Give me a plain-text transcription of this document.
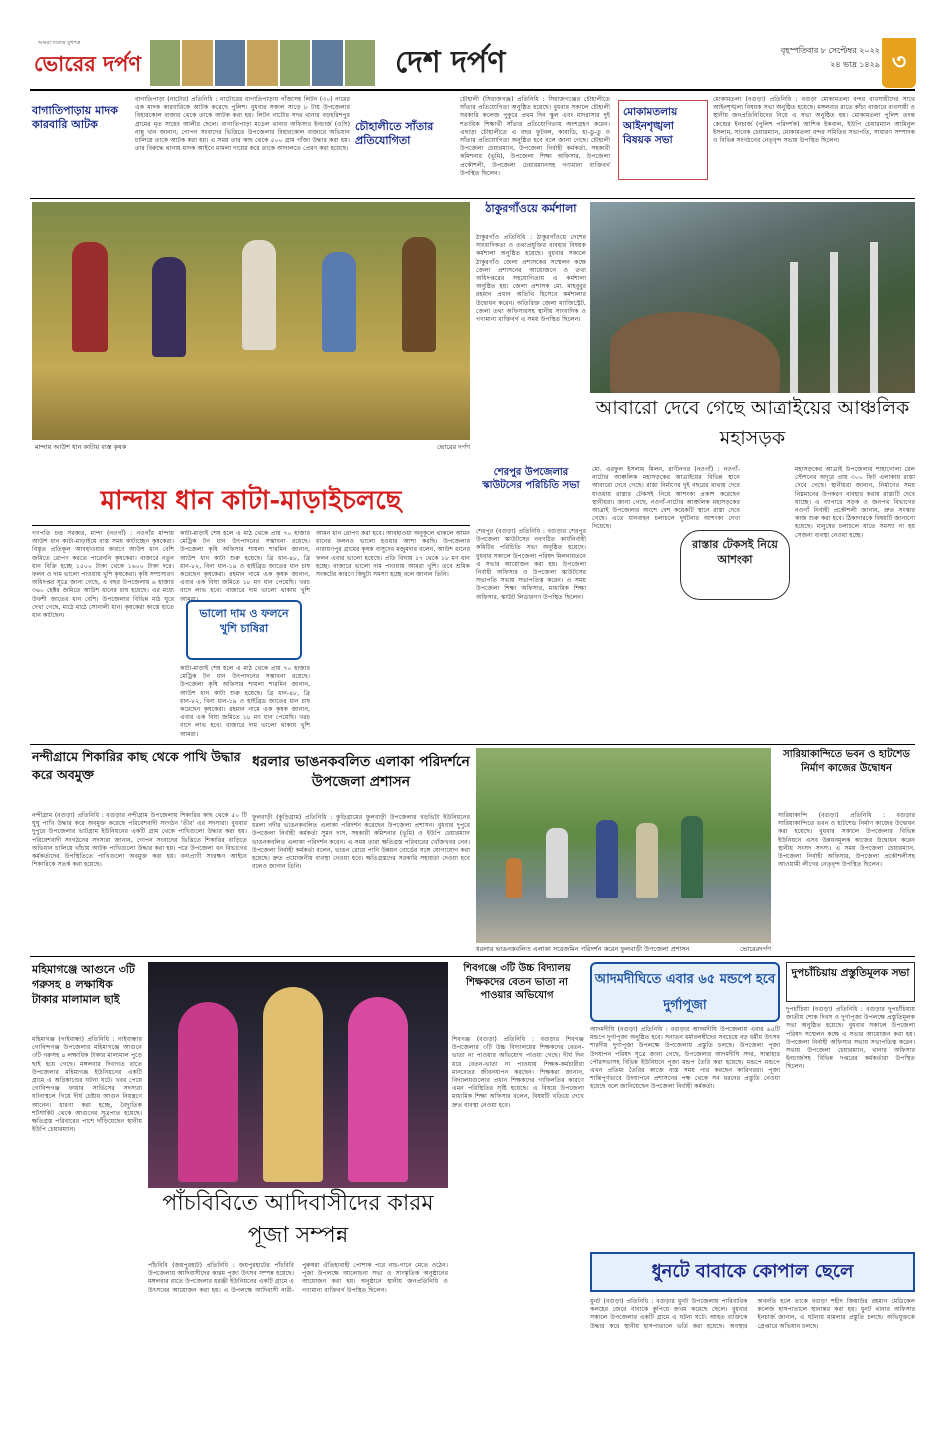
আমরা সত্যের মুখপত্র
ভোরের দর্পণ	দেশ দর্পণ	বৃহস্পতিবার ৮ সেপ্টেম্বর ২০২২
২৪ ভাদ্র ১৪২৯ ৩
বাগাতিপাড়ায় মাদক কারবারি আটক
বাগাতিপাড়া (নাটোর) প্রতিনিধি : নাটোরের বাগাতিপাড়ায় গাঁজাসহ লিটন (৩০) নামের এক মাদক কারবারিকে আটক করেছে পুলিশ। বুধবার সকাল সাড়ে ৮ টায় উপজেলার বিহারকোল বাজার থেকে তাকে আটক করা হয়। লিটন নাটোর সদর থানার বড়হরিশপুর গ্রামের মৃত সাহেব আলীর ছেলে। বাগাতিপাড়া মডেল থানার অফিসার ইনচার্জ (ওসি) নান্নু খান জানান, গোপন সংবাদের ভিত্তিতে উপজেলার বিহারকোল বাজারে অভিযান চালিয়ে তাকে আটক করা হয়। এ সময় তার কাছ থেকে ৫০০ গ্রাম গাঁজা উদ্ধার করা হয়। তার বিরুদ্ধে থানায় মাদক আইনে মামলা দায়ের করে তাকে আদালতে প্রেরণ করা হয়েছে।
চৌহালীতে সাঁতার প্রতিযোগিতা
চৌহালী (সিরাজগঞ্জ) প্রতিনিধি : সিরাজগঞ্জের চৌহালীতে সাঁতার প্রতিযোগিতা অনুষ্ঠিত হয়েছে। বুধবার সকালে চৌহালী সরকারি কলেজ পুকুরে প্রথম দিন স্কুল এবং মাদরাসার দুই শতাধিক শিক্ষার্থী সাঁতার প্রতিযোগিতায় অংশগ্রহণ করেন। এছাড়া চৌহালীতে এ বছর ফুটবল, কাবাডি, হা-ডু-ডু ও সাঁতার প্রতিযোগিতা অনুষ্ঠিত হবে বলে জানা গেছে। চৌহালী উপজেলা চেয়ারম্যান, উপজেলা নির্বাহী কর্মকর্তা, সহকারী কমিশনার (ভূমি), উপজেলা শিক্ষা অফিসার, উপজেলা প্রকৌশলী, উপজেলা চেয়ারম্যানসহ গণ্যমান্য ব্যক্তিবর্গ উপস্থিত ছিলেন।
মোকামতলায় আইনশৃঙ্খলা বিষয়ক সভা
মোকামতলা (বগুড়া) প্রতিনিধি : বগুড়া মোকামতলা বন্দর ব্যবসায়ীদের সাথে আইনশৃঙ্খলা বিষয়ক সভা অনুষ্ঠিত হয়েছে। মঙ্গলবার রাতে কাঁচা বাজারে ব্যবসায়ী ও স্থানীয় জনপ্রতিনিধিদের নিয়ে এ সভা অনুষ্ঠিত হয়। মোকামতলা পুলিশ তদন্ত কেন্দ্রের ইনচার্জ (পুলিশ পরিদর্শক) আশিক ইকবাল, ইউপি চেয়ারম্যান আমিনুল ইসলাম, সাবেক চেয়ারম্যান, মোকামতলা বন্দর সমিতির সভাপতি, সাধারণ সম্পাদক ও বিভিন্ন সংগঠনের নেতৃবৃন্দ সভায় উপস্থিত ছিলেন।
মান্দায় আউশ ধান কাটায় ব্যস্ত কৃষক	ভোরের দর্পণ
ঠাকুরগাঁওয়ে কর্মশালা
ঠাকুরগাঁও প্রতিনিধি : ঠাকুরগাঁওয়ে দেশের সাংবাদিকতা ও তথ্যপ্রযুক্তির ব্যবহার বিষয়ক কর্মশালা অনুষ্ঠিত হয়েছে। বুধবার সকালে ঠাকুরগাঁও জেলা প্রশাসকের সম্মেলন কক্ষে জেলা প্রশাসনের আয়োজনে ও তথ্য অধিদপ্তরের সহযোগিতায় এ কর্মশালা অনুষ্ঠিত হয়। জেলা প্রশাসক মো. মাহবুবুর রহমান প্রধান অতিথি হিসেবে কর্মশালার উদ্বোধন করেন। অতিরিক্ত জেলা ম্যাজিস্ট্রেট, জেলা তথ্য অফিসারসহ স্থানীয় সাংবাদিক ও গণ্যমান্য ব্যক্তিবর্গ এ সময় উপস্থিত ছিলেন।
আবারো দেবে গেছে আত্রাইয়ের আঞ্চলিক মহাসড়ক
মান্দায় ধান কাটা-মাড়াইচলছে
গণপতি চন্দ্র সরকার, মান্দা (নওগাঁ) : নওগাঁর মান্দায় আউশ ধান কাটা-মাড়াইয়ে ব্যস্ত সময় কাটাচ্ছেন কৃষকেরা। বিস্তৃত প্রতিকূল আবহাওয়ার কারণে আউশ ধান বেশি জমিতে রোপণ করতে পারেননি কৃষকেরা। বাজারে নতুন ধান বিক্রি হচ্ছে ১৫০০ টাকা থেকে ১৬০০ টাকা দরে। ফলন ও দাম ভালো পাওয়ায় খুশি কৃষকেরা। কৃষি সম্প্রসারণ অধিদপ্তর সূত্রে জানা গেছে, এ বছর উপজেলায় ৬ হাজার ৩৬০ হেক্টর জমিতে আউশ ধানের চাষ হয়েছে। এর মধ্যে উফশী জাতের ধান বেশি। উপজেলার বিভিন্ন মাঠ ঘুরে দেখা গেছে, মাঠে মাঠে সোনালী ধান। কৃষকেরা কাস্তে হাতে ধান কাটছেন।	ভালো দাম ও ফলনে খুশি চাষিরা
কাটা-মাড়াই শেষ হলে এ মাঠ থেকে প্রায় ৭০ হাজার মেট্রিক টন ধান উৎপাদনের সম্ভাবনা রয়েছে। উপজেলা কৃষি অফিসার শায়লা শারমিন জানান, আউশ ধান কাটা শুরু হয়েছে। ব্রি ধান-৪৮, ব্রি ধান-৮২, বিনা ধান-১৯ ও হাইব্রিড জাতের ধান চাষ করেছেন কৃষকেরা। রহমান নামে এক কৃষক জানান, এবার এক বিঘা জমিতে ১৮ মণ ধান পেয়েছি। খরচ বাদে লাভ হবে। বাজারে দাম ভালো থাকায় খুশি আমরা।
কাটা-মাড়াই শেষ হলে এ মাঠ থেকে প্রায় ৭০ হাজার মেট্রিক টন ধান উৎপাদনের সম্ভাবনা রয়েছে। উপজেলা কৃষি অফিসার শায়লা শারমিন জানান, আউশ ধান কাটা শুরু হয়েছে। ব্রি ধান-৪৮, ব্রি ধান-৮২, বিনা ধান-১৯ ও হাইব্রিড জাতের ধান চাষ করেছেন কৃষকেরা। রহমান নামে এক কৃষক জানান, এবার এক বিঘা জমিতে ১৮ মণ ধান পেয়েছি। খরচ বাদে লাভ হবে। বাজারে দাম ভালো থাকায় খুশি আমরা।
আমন ধান রোপণ করা হবে। আবহাওয়া অনুকূলে থাকলে আমন ধানের ফলনও ভালো হওয়ার আশা করছি। উপজেলার নারায়ণপুর গ্রামের কৃষক বাসুদেব মজুমদার বলেন, আউশ ধানের ফলন এবার ভালো হয়েছে। প্রতি বিঘায় ১৭ থেকে ১৮ মণ ধান হচ্ছে। বাজারে ভালো দাম পাওয়ায় আমরা খুশি। তবে শ্রমিক সংকটের কারণে কিছুটা সমস্যা হচ্ছে বলে জানান তিনি।
শেরপুর উপজেলার স্কাউটসের পরিচিতি সভা
শেরপুর (বগুড়া) প্রতিনিধি : বগুড়ার শেরপুর উপজেলা স্কাউটসের নবগঠিত কার্যনির্বাহী কমিটির পরিচিতি সভা অনুষ্ঠিত হয়েছে। বুধবার সকালে উপজেলা পরিষদ মিলনায়তনে এ সভার আয়োজন করা হয়। উপজেলা নির্বাহী অফিসার ও উপজেলা স্কাউটসের সভাপতি সভায় সভাপতিত্ব করেন। এ সময় উপজেলা শিক্ষা অফিসার, মাধ্যমিক শিক্ষা অফিসার, স্কাউট লিডারগণ উপস্থিত ছিলেন।
মো. এরফুল ইসলাম মিলন, রাণীনগর (নওগাঁ) : নওগাঁ-নাটোর আঞ্চলিক মহাসড়কের আত্রাইয়ের বিভিন্ন স্থানে আবারো দেবে গেছে। রাস্তা নির্মাণের দুই বছরের মাথায় দেবে যাওয়ায় রাস্তার টেকসই নিয়ে আশংকা প্রকাশ করেছেন স্থানীয়রা। জানা গেছে, নওগাঁ-নাটোর আঞ্চলিক মহাসড়কের আত্রাই উপজেলার অংশে বেশ কয়েকটি স্থানে রাস্তা দেবে গেছে। এতে যানবাহন চলাচলে দুর্ঘটনার আশংকা দেখা দিয়েছে।
রাস্তার টেকসই নিয়ে আশংকা
মহাসড়কের আত্রাই উপজেলার শাহাগোলা রেল স্টেশনের অদূরে প্রায় ৩০০ ফিট এলাকায় রাস্তা দেবে গেছে। স্থানীয়রা জানান, নির্মাণের সময় নিম্নমানের উপকরণ ব্যবহার করায় রাস্তাটি দেবে যাচ্ছে। এ ব্যাপারে সড়ক ও জনপথ বিভাগের নওগাঁ নির্বাহী প্রকৌশলী জানান, দ্রুত সংস্কার কাজ শুরু করা হবে। ঠিকাদারকে বিষয়টি জানানো হয়েছে। মানুষের চলাচলে যাতে সমস্যা না হয় সেজন্য ব্যবস্থা নেওয়া হচ্ছে।
নন্দীগ্রামে শিকারির কাছ থেকে পাখি উদ্ধার করে অবমুক্ত
নন্দীগ্রাম (বগুড়া) প্রতিনিধি : বগুড়ার নন্দীগ্রাম উপজেলায় শিকারির কাছ থেকে ৫০ টি ঘুঘু পাখি উদ্ধার করে অবমুক্ত করেছে পরিবেশবাদী সংগঠন 'তীর' এর সদস্যরা। বুধবার দুপুরে উপজেলার ভাটগ্রাম ইউনিয়নের একটি গ্রাম থেকে পাখিগুলো উদ্ধার করা হয়। পরিবেশবাদী সংগঠনের সদস্যরা জানান, গোপন সংবাদের ভিত্তিতে শিকারির বাড়িতে অভিযান চালিয়ে খাঁচায় আটক পাখিগুলো উদ্ধার করা হয়। পরে উপজেলা বন বিভাগের কর্মকর্তাদের উপস্থিতিতে পাখিগুলো অবমুক্ত করা হয়। বন্যপ্রাণী সংরক্ষণ আইনে শিকারিকে সতর্ক করা হয়েছে।
ধরলার ভাঙনকবলিত এলাকা পরিদর্শনে উপজেলা প্রশাসন
ফুলবাড়ী (কুড়িগ্রাম) প্রতিনিধি : কুড়িগ্রামের ফুলবাড়ী উপজেলার বড়ভিটা ইউনিয়নের ধরলা নদীর ভাঙনকবলিত এলাকা পরিদর্শন করেছেন উপজেলা প্রশাসন। বুধবার দুপুরে উপজেলা নির্বাহী কর্মকর্তা সুমন দাস, সহকারী কমিশনার (ভূমি) ও ইউপি চেয়ারম্যান ভাঙনকবলিত এলাকা পরিদর্শন করেন। এ সময় তারা ক্ষতিগ্রস্ত পরিবারের খোঁজখবর নেন। উপজেলা নির্বাহী কর্মকর্তা বলেন, ভাঙন রোধে পানি উন্নয়ন বোর্ডের সঙ্গে যোগাযোগ করা হয়েছে। দ্রুত প্রয়োজনীয় ব্যবস্থা নেওয়া হবে। ক্ষতিগ্রস্তদের সরকারি সহায়তা দেওয়া হবে বলেও জানান তিনি।
ধরলার ভাঙনকবলিত এলাকা সরেজমিন পরিদর্শন করেন ফুলবাড়ী উপজেলা প্রশাসন	ভোরেরদর্পণ
সারিয়াকান্দিতে ভবন ও হাটশেড নির্মাণ কাজের উদ্বোধন
সারিয়াকান্দি (বগুড়া) প্রতিনিধি : বগুড়ার সারিয়াকান্দিতে ভবন ও হাটশেড নির্মাণ কাজের উদ্বোধন করা হয়েছে। বুধবার সকালে উপজেলার বিভিন্ন ইউনিয়নে এসব উন্নয়নমূলক কাজের উদ্বোধন করেন স্থানীয় সংসদ সদস্য। এ সময় উপজেলা চেয়ারম্যান, উপজেলা নির্বাহী অফিসার, উপজেলা প্রকৌশলীসহ আওয়ামী লীগের নেতৃবৃন্দ উপস্থিত ছিলেন।
মহিমাগঞ্জে আগুনে ৩টি গরুসহ ৪ লক্ষাধিক টাকার মালামাল ছাই
মহিমাগঞ্জ (গাইবান্ধা) প্রতিনিধি : গাইবান্ধার গোবিন্দগঞ্জ উপজেলার মহিমাগঞ্জে আগুনে ৩টি গরুসহ ৪ লক্ষাধিক টাকার মালামাল পুড়ে ছাই হয়ে গেছে। মঙ্গলবার দিবাগত রাতে উপজেলার মহিমাগঞ্জ ইউনিয়নের একটি গ্রামে এ অগ্নিকাণ্ডের ঘটনা ঘটে। খবর পেয়ে গোবিন্দগঞ্জ ফায়ার সার্ভিসের সদস্যরা ঘটনাস্থলে গিয়ে দীর্ঘ চেষ্টায় আগুন নিয়ন্ত্রণে আনেন। ধারণা করা হচ্ছে, বৈদ্যুতিক শর্টসার্কিট থেকে আগুনের সূত্রপাত হয়েছে। ক্ষতিগ্রস্ত পরিবারের পাশে দাঁড়িয়েছেন স্থানীয় ইউপি চেয়ারম্যান।
পাঁচবিবিতে আদিবাসীদের কারম পূজা সম্পন্ন
পাঁচবিবি (জয়পুরহাট) প্রতিনিধি : জয়পুরহাটের পাঁচবিবি উপজেলায় আদিবাসীদের কারম পূজা উৎসব সম্পন্ন হয়েছে। মঙ্গলবার রাতে উপজেলার ধরঞ্জী ইউনিয়নের একটি গ্রামে এ উৎসবের আয়োজন করা হয়। এ উপলক্ষে আদিবাসী নারী-পুরুষরা ঐতিহ্যবাহী পোশাক পরে নাচ-গানে মেতে ওঠেন। পূজা উপলক্ষে আলোচনা সভা ও সাংস্কৃতিক অনুষ্ঠানের আয়োজন করা হয়। অনুষ্ঠানে স্থানীয় জনপ্রতিনিধি ও গণ্যমান্য ব্যক্তিবর্গ উপস্থিত ছিলেন।
শিবগঞ্জে ৩টি উচ্চ বিদ্যালয় শিক্ষকদের বেতন ভাতা না পাওয়ার অভিযোগ
শিবগঞ্জ (বগুড়া) প্রতিনিধি : বগুড়ার শিবগঞ্জ উপজেলার ৩টি উচ্চ বিদ্যালয়ের শিক্ষকদের বেতন-ভাতা না পাওয়ার অভিযোগ পাওয়া গেছে। দীর্ঘ দিন ধরে বেতন-ভাতা না পাওয়ায় শিক্ষক-কর্মচারীরা মানবেতর জীবনযাপন করছেন। শিক্ষকরা জানান, বিদ্যালয়গুলোর প্রধান শিক্ষকদের গাফিলতির কারণে এমন পরিস্থিতির সৃষ্টি হয়েছে। এ বিষয়ে উপজেলা মাধ্যমিক শিক্ষা অফিসার বলেন, বিষয়টি খতিয়ে দেখে দ্রুত ব্যবস্থা নেওয়া হবে।
আদমদীঘিতে এবার ৬৫ মন্ডপে হবে দুর্গাপূজা
আদমদীঘি (বগুড়া) প্রতিনিধি : বগুড়ার আদমদীঘি উপজেলায় এবার ৬৫টি মন্ডপে দুর্গাপূজা অনুষ্ঠিত হবে। সনাতন ধর্মাবলম্বীদের সবচেয়ে বড় ধর্মীয় উৎসব শারদীয় দুর্গাপূজা উপলক্ষে উপজেলায় প্রস্তুতি চলছে। উপজেলা পূজা উদযাপন পরিষদ সূত্রে জানা গেছে, উপজেলার আদমদীঘি সদর, সান্তাহার পৌরসভাসহ বিভিন্ন ইউনিয়নে পূজা মন্ডপ তৈরি করা হয়েছে। মন্ডপে মন্ডপে এখন প্রতিমা তৈরির কাজে ব্যস্ত সময় পার করছেন কারিগররা। পূজা শান্তিপূর্ণভাবে উদযাপনে প্রশাসনের পক্ষ থেকে সব ধরনের প্রস্তুতি নেওয়া হয়েছে বলে জানিয়েছেন উপজেলা নির্বাহী কর্মকর্তা।
দুপচাঁচিয়ায় প্রস্তুতিমূলক সভা
দুপচাঁচিয়া (বগুড়া) প্রতিনিধি : বগুড়ার দুপচাঁচিয়ায় জাতীয় শোক দিবস ও দুর্গাপূজা উপলক্ষে প্রস্তুতিমূলক সভা অনুষ্ঠিত হয়েছে। বুধবার সকালে উপজেলা পরিষদ সম্মেলন কক্ষে এ সভার আয়োজন করা হয়। উপজেলা নির্বাহী অফিসার সভায় সভাপতিত্ব করেন। সভায় উপজেলা চেয়ারম্যান, থানার অফিসার ইনচার্জসহ বিভিন্ন দপ্তরের কর্মকর্তারা উপস্থিত ছিলেন।
ধুনটে বাবাকে কোপাল ছেলে
ধুনট (বগুড়া) প্রতিনিধি : বগুড়ার ধুনট উপজেলায় পারিবারিক কলহের জেরে বাবাকে কুপিয়ে জখম করেছে ছেলে। বুধবার সকালে উপজেলার একটি গ্রামে এ ঘটনা ঘটে। আহত ব্যক্তিকে উদ্ধার করে স্থানীয় হাসপাতালে ভর্তি করা হয়েছে। অবস্থার অবনতি হলে তাকে বগুড়া শহীদ জিয়াউর রহমান মেডিকেল কলেজ হাসপাতালে স্থানান্তর করা হয়। ধুনট থানার অফিসার ইনচার্জ জানান, এ ঘটনায় মামলার প্রস্তুতি চলছে। অভিযুক্তকে গ্রেপ্তারে অভিযান চলছে।
